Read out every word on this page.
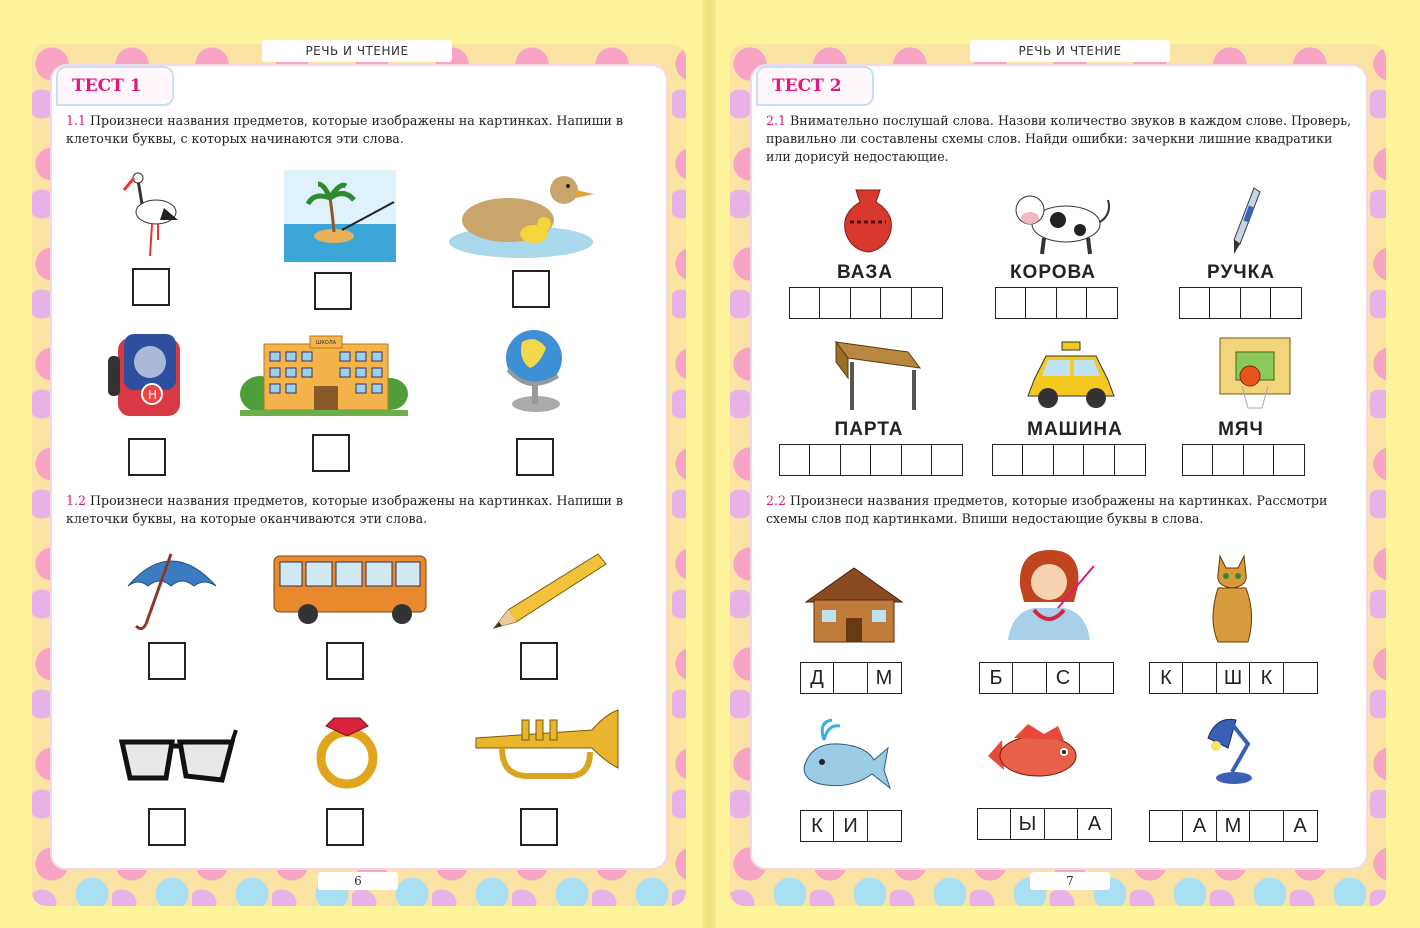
РЕЧЬ И ЧТЕНИЕ	РЕЧЬ И ЧТЕНИЕ
ТЕСТ 1
1.1 Произнеси названия предметов, которые изображены на картинках. Напиши в клеточки буквы, с которых начинаются эти слова.
H
ШКОЛА
1.2 Произнеси названия предметов, которые изображены на картинках. Напиши в клеточки буквы, на которые оканчиваются эти слова.
6
ТЕСТ 2
2.1 Внимательно послушай слова. Назови количество звуков в каждом слове. Проверь, правильно ли составлены схемы слов. Найди ошибки: зачеркни лишние квадратики или дорисуй недостающие.
ВАЗА	КОРОВА	РУЧКА
ПАРТА	МАШИНА	МЯЧ
2.2 Произнеси названия предметов, которые изображены на картинках. Рассмотри схемы слов под картинками. Впиши недостающие буквы в слова.
Д	М	Б	С	К	Ш К
К	И	Ы	А	А М	А
7
